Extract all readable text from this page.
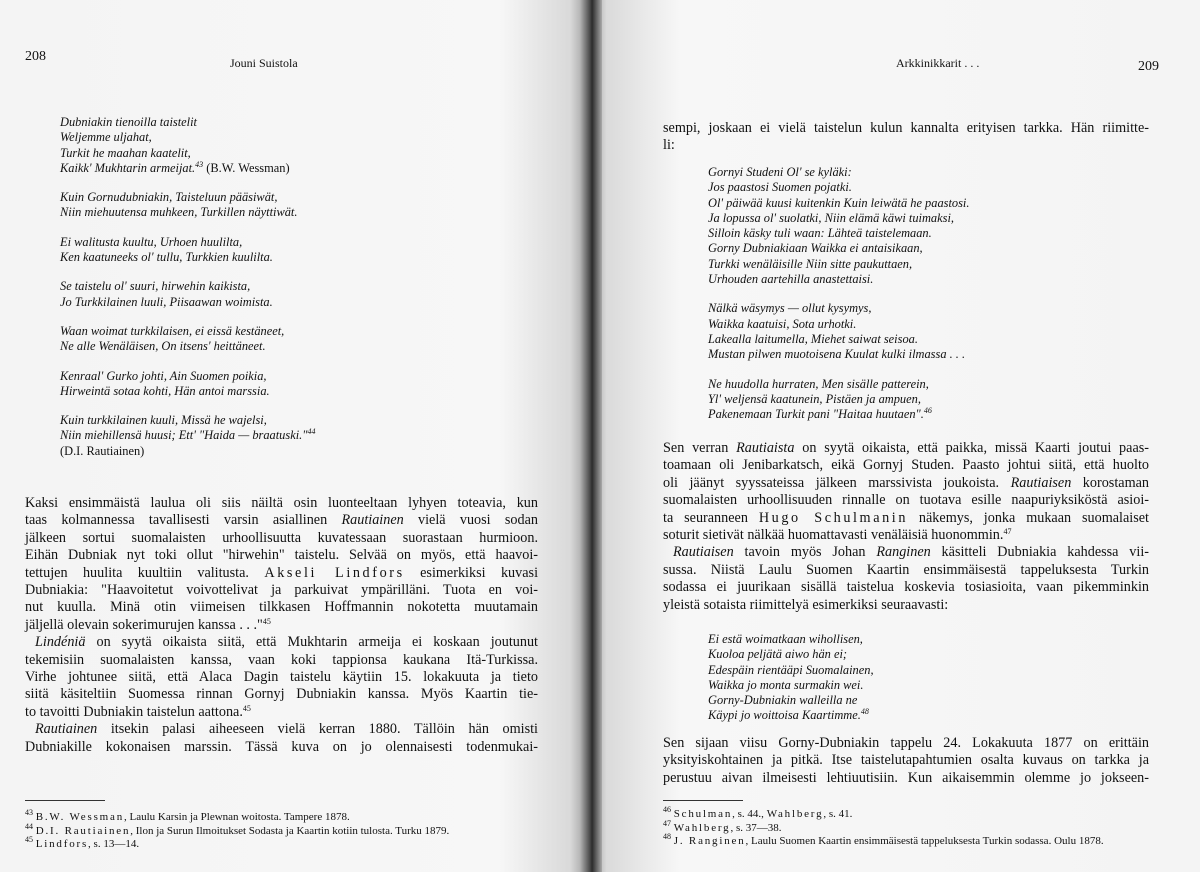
208	Jouni Suistola
Dubniakin tienoilla taistelit
Weljemme uljahat,
Turkit he maahan kaatelit,
Kaikk' Mukhtarin armeijat.$^{43}$ (B.W. Wessman)
Kuin Gornudubniakin, Taisteluun pääsiwät,
Niin miehuutensa muhkeen, Turkillen näyttiwät.
Ei walitusta kuultu, Urhoen huulilta,
Ken kaatuneeks ol' tullu, Turkkien kuulilta.
Se taistelu ol' suuri, hirwehin kaikista,
Jo Turkkilainen luuli, Piisaawan woimista.
Waan woimat turkkilaisen, ei eissä kestäneet,
Ne alle Wenäläisen, On itsens' heittäneet.
Kenraal' Gurko johti, Ain Suomen poikia,
Hirweintä sotaa kohti, Hän antoi marssia.
Kuin turkkilainen kuuli, Missä he wajelsi,
Niin miehillensä huusi; Ett' "Haida — braatuski."$^{44}$
(D.I. Rautiainen)
Kaksi ensimmäistä laulua oli siis näiltä osin luonteeltaan lyhyen toteavia, kun
taas kolmannessa tavallisesti varsin asiallinen Rautiainen vielä vuosi sodan
jälkeen sortui suomalaisten urhoollisuutta kuvatessaan suorastaan hurmioon.
Eihän Dubniak nyt toki ollut "hirwehin" taistelu. Selvää on myös, että haavoi-
tettujen huulita kuultiin valitusta. Akseli Lindfors esimerkiksi kuvasi
Dubniakia: "Haavoitetut voivottelivat ja parkuivat ympärilläni. Tuota en voi-
nut kuulla. Minä otin viimeisen tilkkasen Hoffmannin nokotetta muutamain
jäljellä olevain sokerimurujen kanssa . . ."$^{45}$
Lindéniä on syytä oikaista siitä, että Mukhtarin armeija ei koskaan joutunut
tekemisiin suomalaisten kanssa, vaan koki tappionsa kaukana Itä-Turkissa.
Virhe johtunee siitä, että Alaca Dagin taistelu käytiin 15. lokakuuta ja tieto
siitä käsiteltiin Suomessa rinnan Gornyj Dubniakin kanssa. Myös Kaartin tie-
to tavoitti Dubniakin taistelun aattona.$^{45}$
Rautiainen itsekin palasi aiheeseen vielä kerran 1880. Tällöin hän omisti
Dubniakille kokonaisen marssin. Tässä kuva on jo olennaisesti todenmukai-
$^{43}$ B.W. Wessman, Laulu Karsin ja Plewnan woitosta. Tampere 1878.
$^{44}$ D.I. Rautiainen, Ilon ja Surun Ilmoitukset Sodasta ja Kaartin kotiin tulosta. Turku 1879.
$^{45}$ Lindfors, s. 13—14.
Arkkinikkarit . . .	209
sempi, joskaan ei vielä taistelun kulun kannalta erityisen tarkka. Hän riimitte-
li:
Gornyi Studeni Ol' se kyläki:
Jos paastosi Suomen pojatki.
Ol' päiwää kuusi kuitenkin Kuin leiwätä he paastosi.
Ja lopussa ol' suolatki, Niin elämä käwi tuimaksi,
Silloin käsky tuli waan: Lähteä taistelemaan.
Gorny Dubniakiaan Waikka ei antaisikaan,
Turkki wenäläisille Niin sitte paukuttaen,
Urhouden aartehilla anastettaisi.
Nälkä wäsymys — ollut kysymys,
Waikka kaatuisi, Sota urhotki.
Lakealla laitumella, Miehet saiwat seisoa.
Mustan pilwen muotoisena Kuulat kulki ilmassa . . .
Ne huudolla hurraten, Men sisälle patterein,
Yl' weljensä kaatunein, Pistäen ja ampuen,
Pakenemaan Turkit pani "Haitaa huutaen".$^{46}$
Sen verran Rautiaista on syytä oikaista, että paikka, missä Kaarti joutui paas-
toamaan oli Jenibarkatsch, eikä Gornyj Studen. Paasto johtui siitä, että huolto
oli jäänyt syyssateissa jälkeen marssivista joukoista. Rautiaisen korostaman
suomalaisten urhoollisuuden rinnalle on tuotava esille naapuriyksiköstä asioi-
ta seuranneen Hugo Schulmanin näkemys, jonka mukaan suomalaiset
soturit sietivät nälkää huomattavasti venäläisiä huonommin.$^{47}$
Rautiaisen tavoin myös Johan Ranginen käsitteli Dubniakia kahdessa vii-
sussa. Niistä Laulu Suomen Kaartin ensimmäisestä tappeluksesta Turkin
sodassa ei juurikaan sisällä taistelua koskevia tosiasioita, vaan pikemminkin
yleistä sotaista riimittelyä esimerkiksi seuraavasti:
Ei estä woimatkaan wihollisen,
Kuoloa peljätä aiwo hän ei;
Edespäin rientääpi Suomalainen,
Waikka jo monta surmakin wei.
Gorny-Dubniakin walleilla ne
Käypi jo woittoisa Kaartimme.$^{48}$
Sen sijaan viisu Gorny-Dubniakin tappelu 24. Lokakuuta 1877 on erittäin
yksityiskohtainen ja pitkä. Itse taistelutapahtumien osalta kuvaus on tarkka ja
perustuu aivan ilmeisesti lehtiuutisiin. Kun aikaisemmin olemme jo jokseen-
$^{46}$ Schulman, s. 44., Wahlberg, s. 41.
$^{47}$ Wahlberg, s. 37—38.
$^{48}$ J. Ranginen, Laulu Suomen Kaartin ensimmäisestä tappeluksesta Turkin sodassa. Oulu 1878.
